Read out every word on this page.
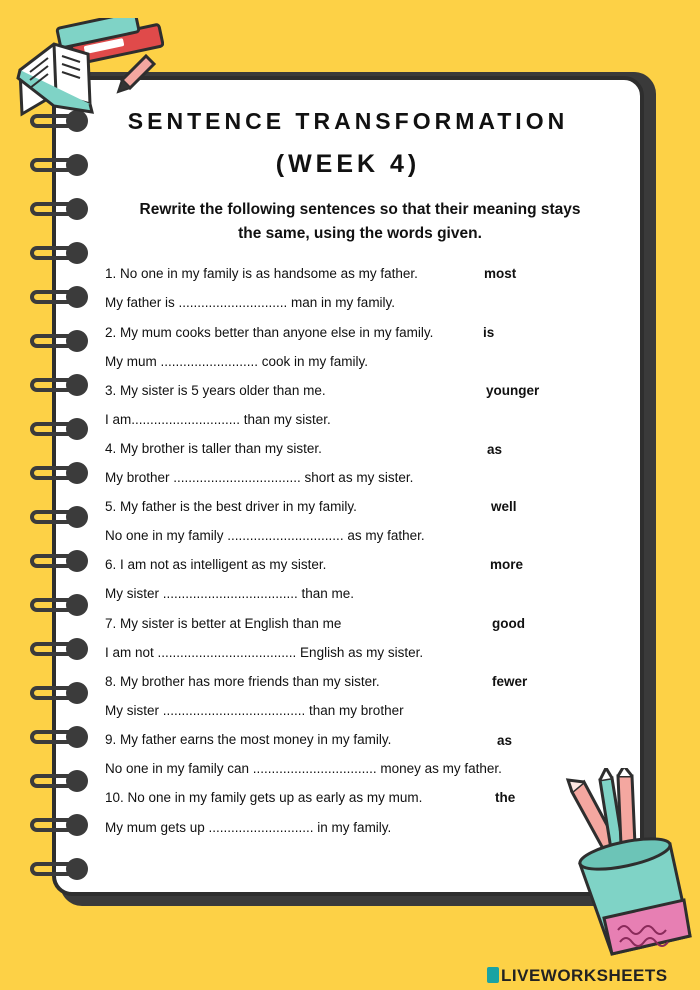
SENTENCE TRANSFORMATION
(WEEK 4)
Rewrite the following sentences so that their meaning stays
the same, using the words given.
1. No one in my family is as handsome as my father.	most
My father is ............................. man in my family.
2. My mum cooks better than anyone else in my family.	is
My mum .......................... cook in my family.
3. My sister is 5 years older than me.	younger
I am............................. than my sister.
4. My brother is taller than my sister.	as
My brother .................................. short as my sister.
5. My father is the best driver in my family.	well
No one in my family ............................... as my father.
6. I am not as intelligent as my sister.	more
My sister .................................... than me.
7. My sister is better at English than me	good
I am not ..................................... English as my sister.
8. My brother has more friends than my sister.	fewer
My sister ...................................... than my brother
9. My father earns the most money in my family.	as
No one in my family can ................................. money as my father.
10. No one in my family gets up as early as my mum.	the
My mum gets up ............................ in my family.
LIVEWORKSHEETS
